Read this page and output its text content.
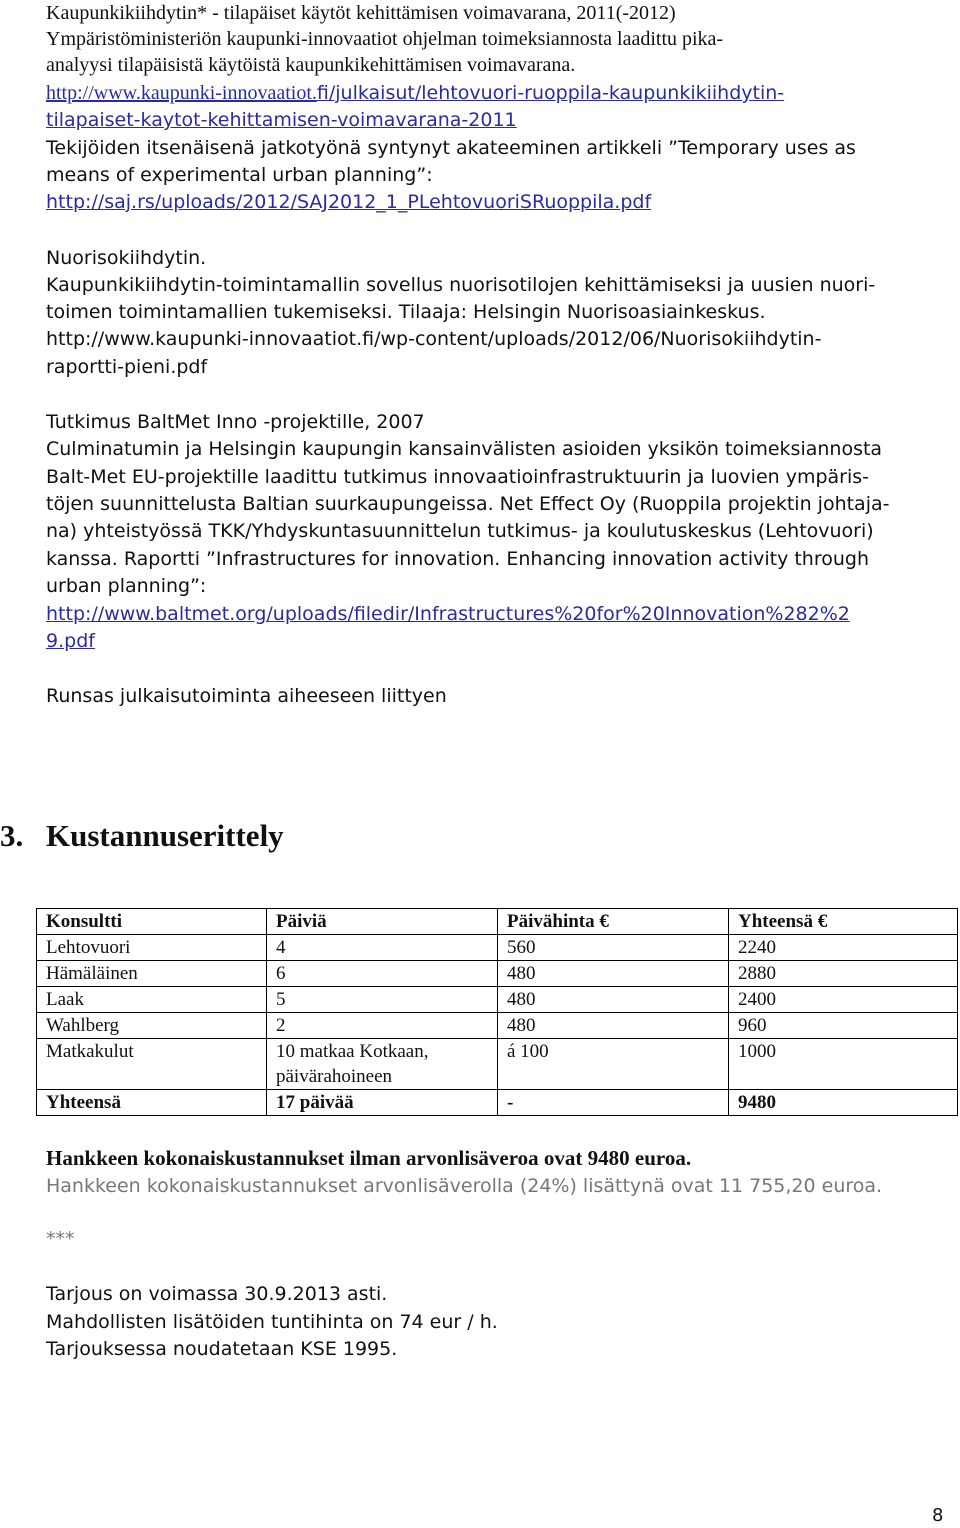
Kaupunkikiihdytin* - tilapäiset käytöt kehittämisen voimavarana, 2011(-2012)
Ympäristöministeriön kaupunki-innovaatiot ohjelman toimeksiannosta laadittu pika-
analyysi tilapäisistä käytöistä kaupunkikehittämisen voimavarana.
http://www.kaupunki-innovaatiot.fi/julkaisut/lehtovuori-ruoppila-kaupunkikiihdytin-
tilapaiset-kaytot-kehittamisen-voimavarana-2011
Tekijöiden itsenäisenä jatkotyönä syntynyt akateeminen artikkeli ”Temporary uses as
means of experimental urban planning”:
http://saj.rs/uploads/2012/SAJ2012_1_PLehtovuoriSRuoppila.pdf
Nuorisokiihdytin.
Kaupunkikiihdytin-toimintamallin sovellus nuorisotilojen kehittämiseksi ja uusien nuori-
toimen toimintamallien tukemiseksi. Tilaaja: Helsingin Nuorisoasiainkeskus.
http://www.kaupunki-innovaatiot.fi/wp-content/uploads/2012/06/Nuorisokiihdytin-
raportti-pieni.pdf
Tutkimus BaltMet Inno -projektille, 2007
Culminatumin ja Helsingin kaupungin kansainvälisten asioiden yksikön toimeksiannosta
Balt-Met EU-projektille laadittu tutkimus innovaatioinfrastruktuurin ja luovien ympäris-
töjen suunnittelusta Baltian suurkaupungeissa. Net Effect Oy (Ruoppila projektin johtaja-
na) yhteistyössä TKK/Yhdyskuntasuunnittelun tutkimus- ja koulutuskeskus (Lehtovuori)
kanssa. Raportti ”Infrastructures for innovation. Enhancing innovation activity through
urban planning”:
http://www.baltmet.org/uploads/filedir/Infrastructures%20for%20Innovation%282%2
9.pdf
Runsas julkaisutoiminta aiheeseen liittyen
3. Kustannuserittely
Konsultti	Päiviä	Päivähinta €	Yhteensä €
Lehtovuori	4	560	2240
Hämäläinen	6	480	2880
Laak	5	480	2400
Wahlberg	2	480	960
Matkakulut	10 matkaa Kotkaan,	á 100	1000
	päivärahoineen		
Yhteensä	17 päivää	-	9480
Hankkeen kokonaiskustannukset ilman arvonlisäveroa ovat 9480 euroa.
Hankkeen kokonaiskustannukset arvonlisäverolla (24%) lisättynä ovat 11 755,20 euroa.
***
Tarjous on voimassa 30.9.2013 asti.
Mahdollisten lisätöiden tuntihinta on 74 eur / h.
Tarjouksessa noudatetaan KSE 1995.
8
